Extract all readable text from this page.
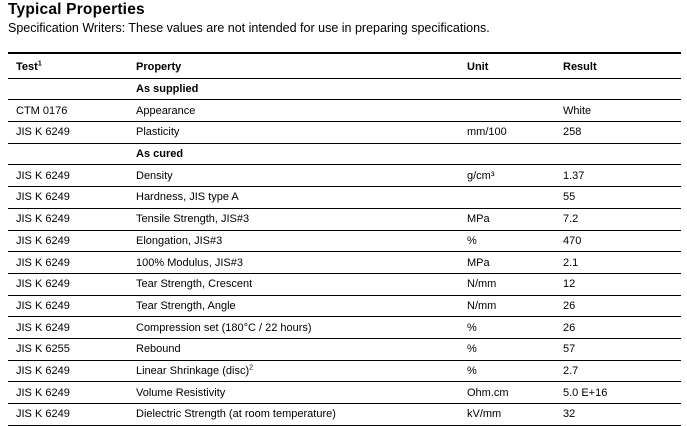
Typical Properties
Specification Writers: These values are not intended for use in preparing specifications.
Test$^1$	Property	Unit	Result
	As supplied		
CTM 0176	Appearance		White
JIS K 6249	Plasticity	mm/100	258
	As cured		
JIS K 6249	Density	g/cm³	1.37
JIS K 6249	Hardness, JIS type A		55
JIS K 6249	Tensile Strength, JIS#3	MPa	7.2
JIS K 6249	Elongation, JIS#3	%	470
JIS K 6249	100% Modulus, JIS#3	MPa	2.1
JIS K 6249	Tear Strength, Crescent	N/mm	12
JIS K 6249	Tear Strength, Angle	N/mm	26
JIS K 6249	Compression set (180°C / 22 hours)	%	26
JIS K 6255	Rebound	%	57
JIS K 6249	Linear Shrinkage (disc)$^2$	%	2.7
JIS K 6249	Volume Resistivity	Ohm.cm	5.0 E+16
JIS K 6249	Dielectric Strength (at room temperature)	kV/mm	32
